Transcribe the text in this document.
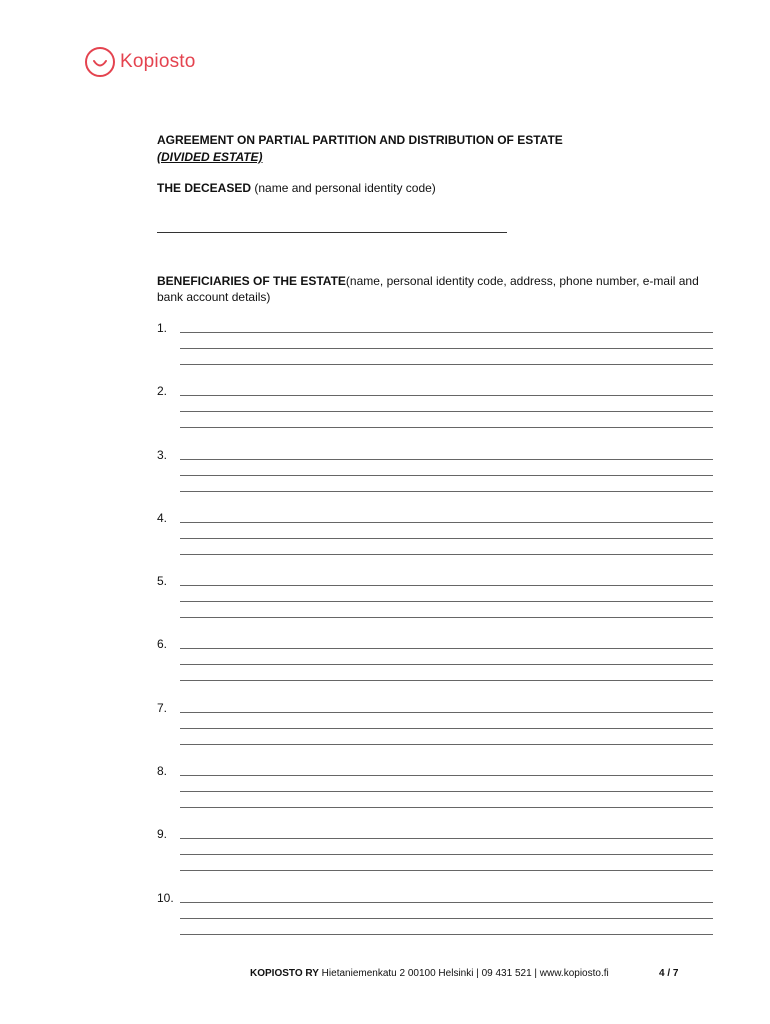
Kopiosto

AGREEMENT ON PARTIAL PARTITION AND DISTRIBUTION OF ESTATE

(DIVIDED ESTATE)

THE DECEASED (name and personal identity code)

BENEFICIARIES OF THE ESTATE(name, personal identity code, address, phone number, e-mail and bank account details)

1.
2.
3.
4.
5.
6.
7.
8.
9.
10.
KOPIOSTO RY Hietaniemenkatu 2 00100 Helsinki | 09 431 521 | www.kopiosto.fi	4 / 7
